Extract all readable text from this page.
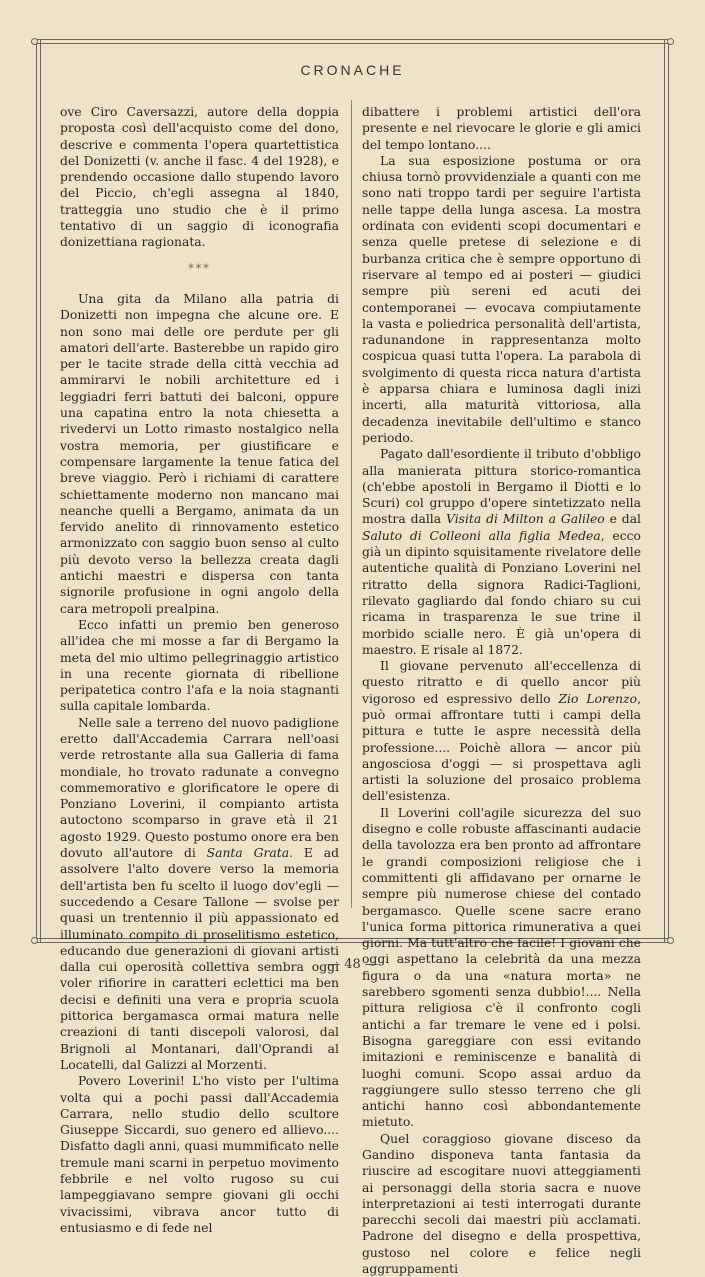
CRONACHE

ove Ciro Caversazzi, autore della doppia proposta così dell'acquisto come del dono, descrive e commenta l'opera quartettistica del Donizetti (v. anche il fasc. 4 del 1928), e prendendo occasione dallo stupendo lavoro del Piccio, ch'egli assegna al 1840, tratteggia uno studio che è il primo tentativo di un saggio di iconografia donizettiana ragionata.

***

Una gita da Milano alla patria di Donizetti non impegna che alcune ore. E non sono mai delle ore perdute per gli amatori dell'arte. Basterebbe un rapido giro per le tacite strade della città vecchia ad ammirarvi le nobili architetture ed i leggiadri ferri battuti dei balconi, oppure una capatina entro la nota chiesetta a rivedervi un Lotto rimasto nostalgico nella vostra memoria, per giustificare e compensare largamente la tenue fatica del breve viaggio. Però i richiami di carattere schiettamente moderno non mancano mai neanche quelli a Bergamo, animata da un fervido anelito di rinnovamento estetico armonizzato con saggio buon senso al culto più devoto verso la bellezza creata dagli antichi maestri e dispersa con tanta signorile profusione in ogni angolo della cara metropoli prealpina.

Ecco infatti un premio ben generoso all'idea che mi mosse a far di Bergamo la meta del mio ultimo pellegrinaggio artistico in una recente giornata di ribellione peripatetica contro l'afa e la noia stagnanti sulla capitale lombarda.

Nelle sale a terreno del nuovo padiglione eretto dall'Accademia Carrara nell'oasi verde retrostante alla sua Galleria di fama mondiale, ho trovato radunate a convegno commemorativo e glorificatore le opere di Ponziano Loverini, il compianto artista autoctono scomparso in grave età il 21 agosto 1929. Questo postumo onore era ben dovuto all'autore di Santa Grata. E ad assolvere l'alto dovere verso la memoria dell'artista ben fu scelto il luogo dov'egli — succedendo a Cesare Tallone — svolse per quasi un trentennio il più appassionato ed illuminato compito di proselitismo estetico, educando due generazioni di giovani artisti dalla cui operosità collettiva sembra oggi voler rifiorire in caratteri eclettici ma ben decisi e definiti una vera e propria scuola pittorica bergamasca ormai matura nelle creazioni di tanti discepoli valorosi, dal Brignoli al Montanari, dall'Oprandi al Locatelli, dal Galizzi al Morzenti.

Povero Loverini! L'ho visto per l'ultima volta qui a pochi passi dall'Accademia Carrara, nello studio dello scultore Giuseppe Siccardi, suo genero ed allievo.... Disfatto dagli anni, quasi mummificato nelle tremule mani scarni in perpetuo movimento febbrile e nel volto rugoso su cui lampeggiavano sempre giovani gli occhi vivacissimi, vibrava ancor tutto di entusiasmo e di fede nel

dibattere i problemi artistici dell'ora presente e nel rievocare le glorie e gli amici del tempo lontano....

La sua esposizione postuma or ora chiusa tornò provvidenziale a quanti con me sono nati troppo tardi per seguire l'artista nelle tappe della lunga ascesa. La mostra ordinata con evidenti scopi documentari e senza quelle pretese di selezione e di burbanza critica che è sempre opportuno di riservare al tempo ed ai posteri — giudici sempre più sereni ed acuti dei contemporanei — evocava compiutamente la vasta e poliedrica personalità dell'artista, radunandone in rappresentanza molto cospicua quasi tutta l'opera. La parabola di svolgimento di questa ricca natura d'artista è apparsa chiara e luminosa dagli inizi incerti, alla maturità vittoriosa, alla decadenza inevitabile dell'ultimo e stanco periodo.

Pagato dall'esordiente il tributo d'obbligo alla manierata pittura storico-romantica (ch'ebbe apostoli in Bergamo il Diotti e lo Scuri) col gruppo d'opere sintetizzato nella mostra dalla Visita di Milton a Galileo e dal Saluto di Colleoni alla figlia Medea, ecco già un dipinto squisitamente rivelatore delle autentiche qualità di Ponziano Loverini nel ritratto della signora Radici-Taglioni, rilevato gagliardo dal fondo chiaro su cui ricama in trasparenza le sue trine il morbido scialle nero. È già un'opera di maestro. E risale al 1872.

Il giovane pervenuto all'eccellenza di questo ritratto e di quello ancor più vigoroso ed espressivo dello Zio Lorenzo, può ormai affrontare tutti i campi della pittura e tutte le aspre necessità della professione.... Poichè allora — ancor più angosciosa d'oggi — si prospettava agli artisti la soluzione del prosaico problema dell'esistenza.

Il Loverini coll'agile sicurezza del suo disegno e colle robuste affascinanti audacie della tavolozza era ben pronto ad affrontare le grandi composizioni religiose che i committenti gli affidavano per ornarne le sempre più numerose chiese del contado bergamasco. Quelle scene sacre erano l'unica forma pittorica rimunerativa a quei giorni. Ma tutt'altro che facile! I giovani che oggi aspettano la celebrità da una mezza figura o da una «natura morta» ne sarebbero sgomenti senza dubbio!.... Nella pittura religiosa c'è il confronto cogli antichi a far tremare le vene ed i polsi. Bisogna gareggiare con essi evitando imitazioni e reminiscenze e banalità di luoghi comuni. Scopo assai arduo da raggiungere sullo stesso terreno che gli antichi hanno così abbondantemente mietuto.

Quel coraggioso giovane disceso da Gandino disponeva tanta fantasia da riuscire ad escogitare nuovi atteggiamenti ai personaggi della storia sacra e nuove interpretazioni ai testi interrogati durante parecchi secoli dai maestri più acclamati. Padrone del disegno e della prospettiva, gustoso nel colore e felice negli aggruppamenti

— 48 —
